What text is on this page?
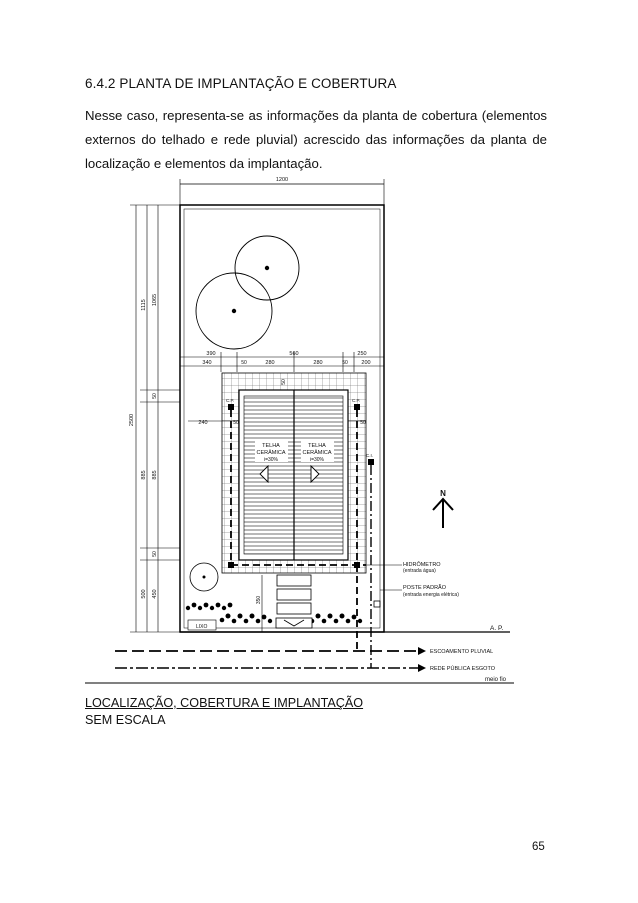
6.4.2 PLANTA DE IMPLANTAÇÃO E COBERTURA

Nesse caso, representa-se as informações da planta de cobertura (elementos externos do telhado e rede pluvial) acrescido das informações da planta de localização e elementos da implantação.

1200
2500
1115 1065
50
885 885
50
500 450
390	560	250
340	50	280	280	50 200
TELHA
CERÂMICA
i=30%
TELHA
CERÂMICA
i=30%
240	50	50
50
C.P.	C.P.
C.I.
N
HIDRÔMETRO
(entrada água)
POSTE PADRÃO
(entrada energia elétrica)
350
LIXO	A. P.
ESCOAMENTO PLUVIAL
REDE PÚBLICA ESGOTO
meio fio
LOCALIZAÇÃO, COBERTURA E IMPLANTAÇÃO
SEM ESCALA
65
